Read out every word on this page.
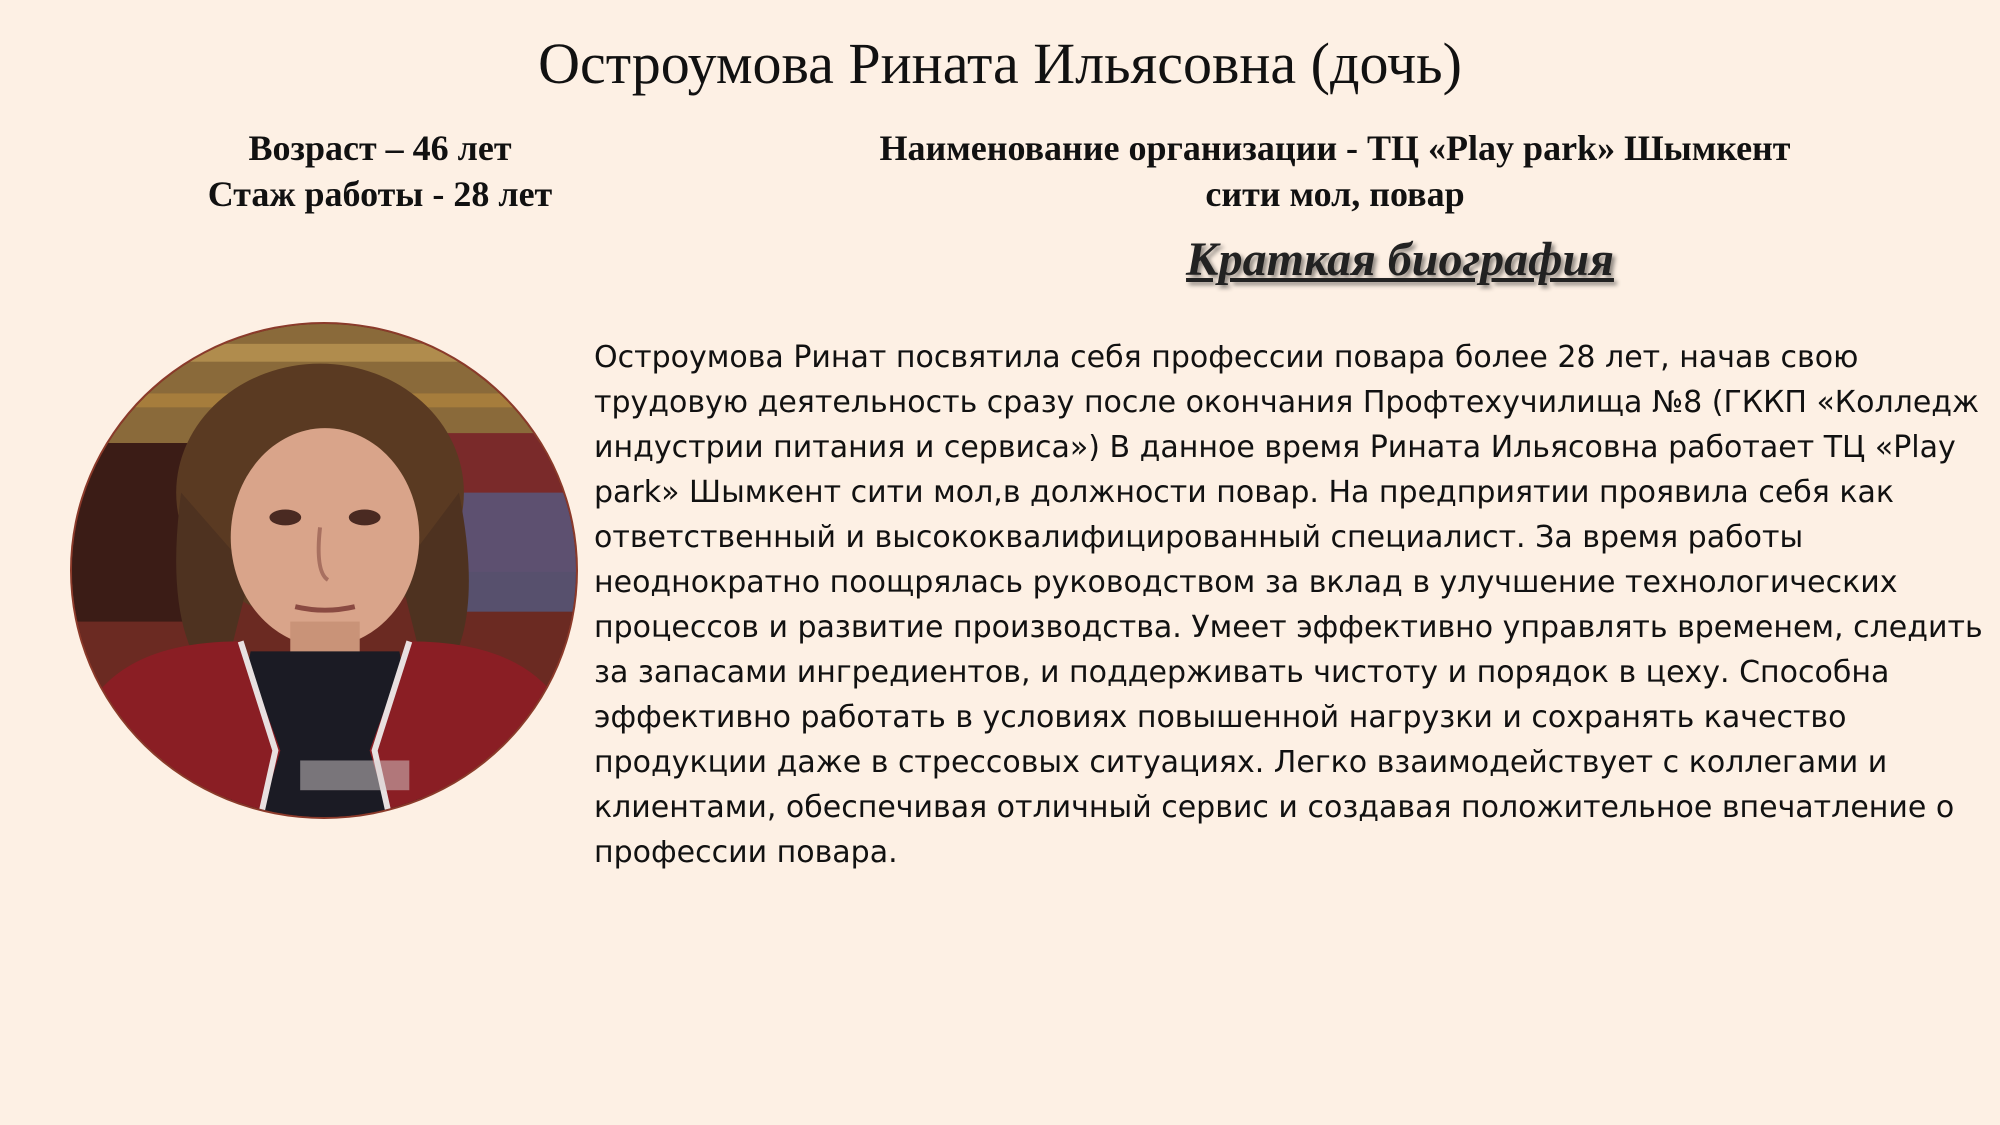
Остроумова Рината Ильясовна (дочь)
Возраст – 46 лет
Стаж работы - 28 лет
Наименование организации - ТЦ «Play park» Шымкент
сити мол, повар
Краткая биография

Остроумова Ринат посвятила себя профессии повара более 28 лет, начав свою трудовую деятельность сразу после окончания Профтехучилища №8 (ГККП «Колледж индустрии питания и сервиса») В данное время Рината Ильясовна работает ТЦ «Play park» Шымкент сити мол,в должности повар. На предприятии проявила себя как ответственный и высококвалифицированный специалист. За время работы неоднократно поощрялась руководством за вклад в улучшение технологических процессов и развитие производства. Умеет эффективно управлять временем, следить за запасами ингредиентов, и поддерживать чистоту и порядок в цеху. Способна эффективно работать в условиях повышенной нагрузки и сохранять качество продукции даже в стрессовых ситуациях. Легко взаимодействует с коллегами и клиентами, обеспечивая отличный сервис и создавая положительное впечатление о профессии повара.
